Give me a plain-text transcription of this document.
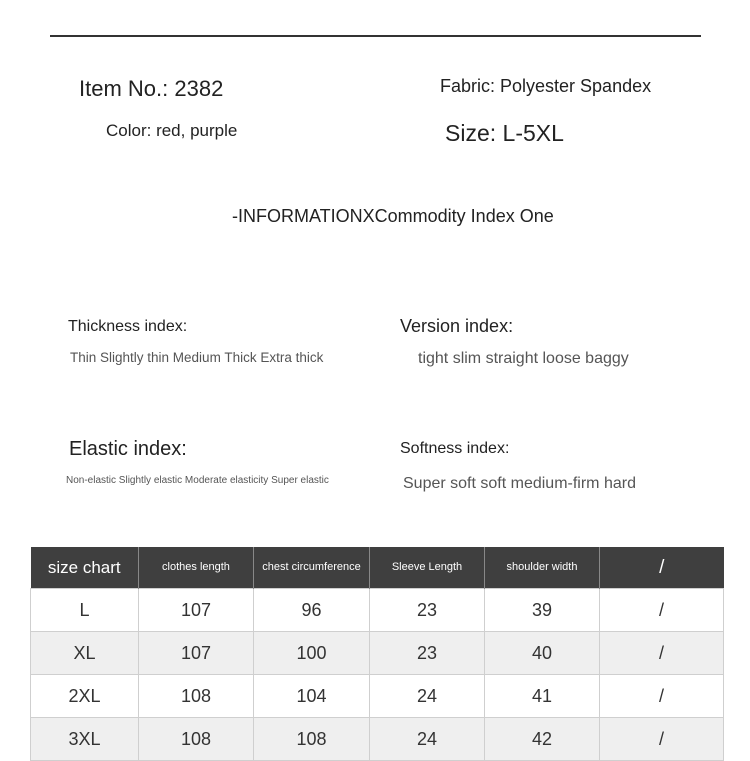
Item No.: 2382
Color: red, purple
Fabric: Polyester Spandex
Size: L-5XL
-INFORMATIONXCommodity Index One
Thickness index:
Thin Slightly thin Medium Thick Extra thick
Version index:
tight slim straight loose baggy
Elastic index:
Non-elastic Slightly elastic Moderate elasticity Super elastic
Softness index:
Super soft soft medium-firm hard
size chart	clothes length	chest circumference	Sleeve Length	shoulder width	/
L	107	96	23	39	/
XL	107	100	23	40	/
2XL	108	104	24	41	/
3XL	108	108	24	42	/
